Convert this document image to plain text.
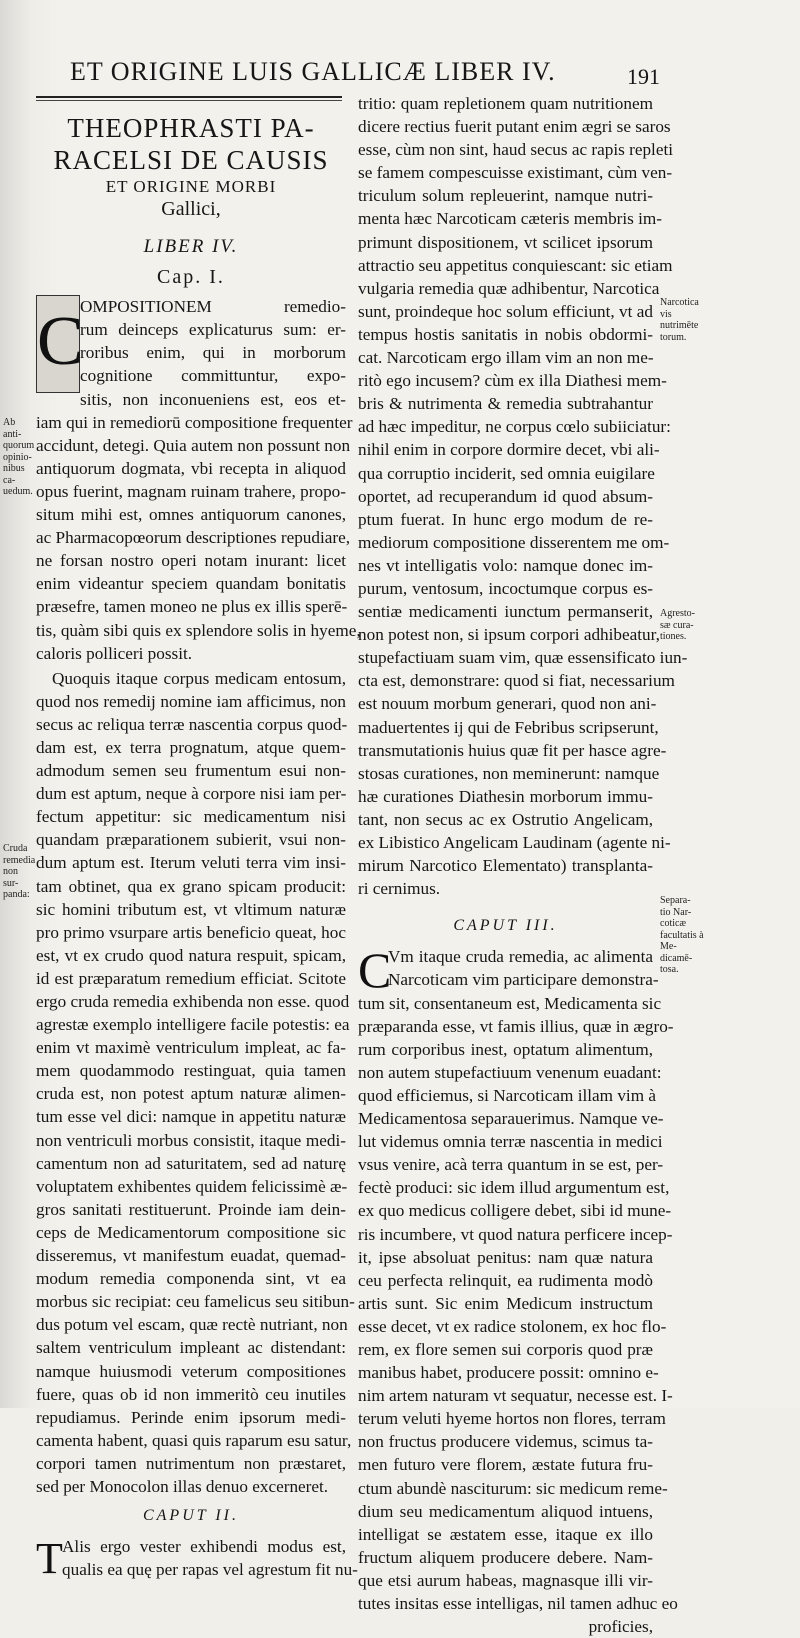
ET ORIGINE LUIS GALLICÆ LIBER IV.	191
THEOPHRASTI PA-
RACELSI DE CAUSIS
ET ORIGINE MORBI
Gallici,
LIBER IV.
Cap. I.
C
OMPOSITIONEM remedio-
rum deinceps explicaturus sum: er-
roribus enim, qui in morborum
cognitione committuntur, expo-
sitis, non inconueniens est, eos et-
iam qui in remediorū compositione frequenter
accidunt, detegi. Quia autem non possunt non
antiquorum dogmata, vbi recepta in aliquod
opus fuerint, magnam ruinam trahere, propo-
situm mihi est, omnes antiquorum canones,
ac Pharmacopœorum descriptiones repudiare,
ne forsan nostro operi notam inurant: licet
enim videantur speciem quandam bonitatis
præsefre, tamen moneo ne plus ex illis sperē-
tis, quàm sibi quis ex splendore solis in hyeme,
caloris polliceri possit.
Quoquis itaque corpus medicam entosum,
quod nos remedij nomine iam afficimus, non
secus ac reliqua terræ nascentia corpus quod-
dam est, ex terra prognatum, atque quem-
admodum semen seu frumentum esui non-
dum est aptum, neque à corpore nisi iam per-
fectum appetitur: sic medicamentum nisi
quandam præparationem subierit, vsui non-
dum aptum est. Iterum veluti terra vim insi-
tam obtinet, qua ex grano spicam producit:
sic homini tributum est, vt vltimum naturæ
pro primo vsurpare artis beneficio queat, hoc
est, vt ex crudo quod natura respuit, spicam,
id est præparatum remedium efficiat. Scitote
ergo cruda remedia exhibenda non esse. quod
agrestæ exemplo intelligere facile potestis: ea
enim vt maximè ventriculum impleat, ac fa-
mem quodammodo restinguat, quia tamen
cruda est, non potest aptum naturæ alimen-
tum esse vel dici: namque in appetitu naturæ
non ventriculi morbus consistit, itaque medi-
camentum non ad saturitatem, sed ad naturę
voluptatem exhibentes quidem felicissimè æ-
gros sanitati restituerunt. Proinde iam dein-
ceps de Medicamentorum compositione sic
disseremus, vt manifestum euadat, quemad-
modum remedia componenda sint, vt ea
morbus sic recipiat: ceu famelicus seu sitibun-
dus potum vel escam, quæ rectè nutriant, non
saltem ventriculum impleant ac distendant:
namque huiusmodi veterum compositiones
fuere, quas ob id non immeritò ceu inutiles
repudiamus. Perinde enim ipsorum medi-
camenta habent, quasi quis raparum esu satur,
corpori tamen nutrimentum non præstaret,
sed per Monocolon illas denuo excerneret.
CAPUT II.
T Alis ergo vester exhibendi modus est,
qualis ea quę per rapas vel agrestum fit nu-
tritio: quam repletionem quam nutritionem
dicere rectius fuerit putant enim ægri se saros
esse, cùm non sint, haud secus ac rapis repleti
se famem compescuisse existimant, cùm ven-
triculum solum repleuerint, namque nutri-
menta hæc Narcoticam cæteris membris im-
primunt dispositionem, vt scilicet ipsorum
attractio seu appetitus conquiescant: sic etiam
vulgaria remedia quæ adhibentur, Narcotica
sunt, proindeque hoc solum efficiunt, vt ad
tempus hostis sanitatis in nobis obdormi-
cat. Narcoticam ergo illam vim an non me-
ritò ego incusem? cùm ex illa Diathesi mem-
bris & nutrimenta & remedia subtrahantur
ad hæc impeditur, ne corpus cœlo subiiciatur:
nihil enim in corpore dormire decet, vbi ali-
qua corruptio inciderit, sed omnia euigilare
oportet, ad recuperandum id quod absum-
ptum fuerat. In hunc ergo modum de re-
mediorum compositione disserentem me om-
nes vt intelligatis volo: namque donec im-
purum, ventosum, incoctumque corpus es-
sentiæ medicamenti iunctum permanserit,
non potest non, si ipsum corpori adhibeatur,
stupefactiuam suam vim, quæ essensificato iun-
cta est, demonstrare: quod si fiat, necessarium
est nouum morbum generari, quod non ani-
maduertentes ij qui de Febribus scripserunt,
transmutationis huius quæ fit per hasce agre-
stosas curationes, non meminerunt: namque
hæ curationes Diathesin morborum immu-
tant, non secus ac ex Ostrutio Angelicam,
ex Libistico Angelicam Laudinam (agente ni-
mirum Narcotico Elementato) transplanta-
ri cernimus.
CAPUT III.
C
Vm itaque cruda remedia, ac alimenta
Narcoticam vim participare demonstra-
tum sit, consentaneum est, Medicamenta sic
præparanda esse, vt famis illius, quæ in ægro-
rum corporibus inest, optatum alimentum,
non autem stupefactiuum venenum euadant:
quod efficiemus, si Narcoticam illam vim à
Medicamentosa separauerimus. Namque ve-
lut videmus omnia terræ nascentia in medici
vsus venire, acà terra quantum in se est, per-
fectè produci: sic idem illud argumentum est,
ex quo medicus colligere debet, sibi id mune-
ris incumbere, vt quod natura perficere incep-
it, ipse absoluat penitus: nam quæ natura
ceu perfecta relinquit, ea rudimenta modò
artis sunt. Sic enim Medicum instructum
esse decet, vt ex radice stolonem, ex hoc flo-
rem, ex flore semen sui corporis quod præ
manibus habet, producere possit: omnino e-
nim artem naturam vt sequatur, necesse est. I-
terum veluti hyeme hortos non flores, terram
non fructus producere videmus, scimus ta-
men futuro vere florem, æstate futura fru-
ctum abundè nasciturum: sic medicum reme-
dium seu medicamentum aliquod intuens,
intelligat se æstatem esse, itaque ex illo
fructum aliquem producere debere. Nam-
que etsi aurum habeas, magnasque illi vir-
tutes insitas esse intelligas, nil tamen adhuc eo
proficies,
Ab anti-
quorum
opinio-
nibus ca-
uedum.
Cruda
remedia
non sur-
panda:
Narcotica vis
nutrimēte
torum.
Agresto-
sæ cura-
tiones.
Separa-
tio Nar-
coticæ
facultatis à Me-
dicamē-
tosa.
